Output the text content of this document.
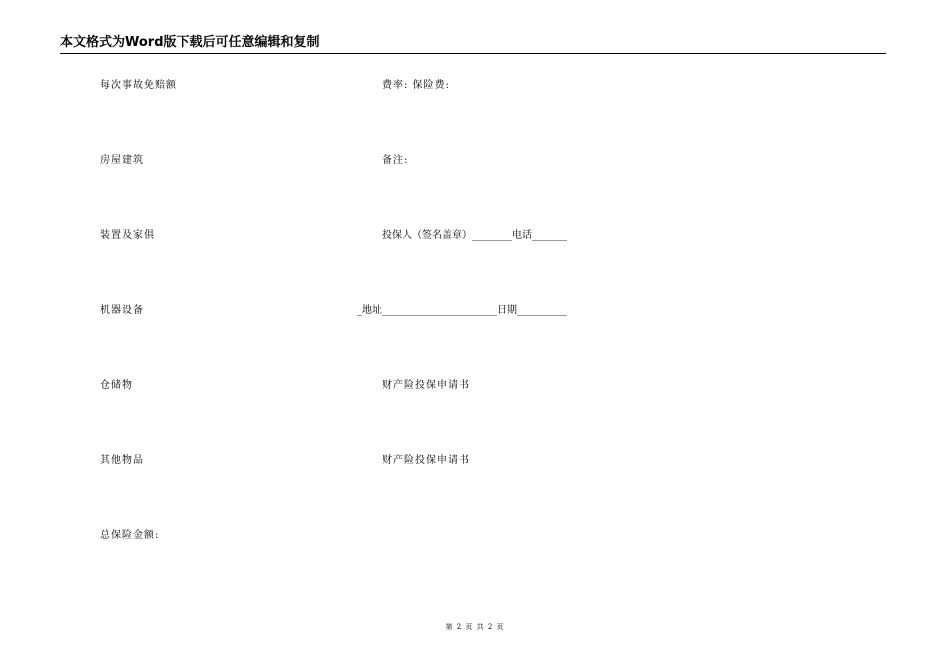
本文格式为Word版下载后可任意编辑和复制
每次事故免赔额	费率: 保险费:
房屋建筑	备注:
装置及家俱	投保人（签名盖章）________电话_______
机器设备	_地址_______________________日期__________
仓储物	财产险投保申请书
其他物品	财产险投保申请书
总保险金额:
第 2 页 共 2 页
